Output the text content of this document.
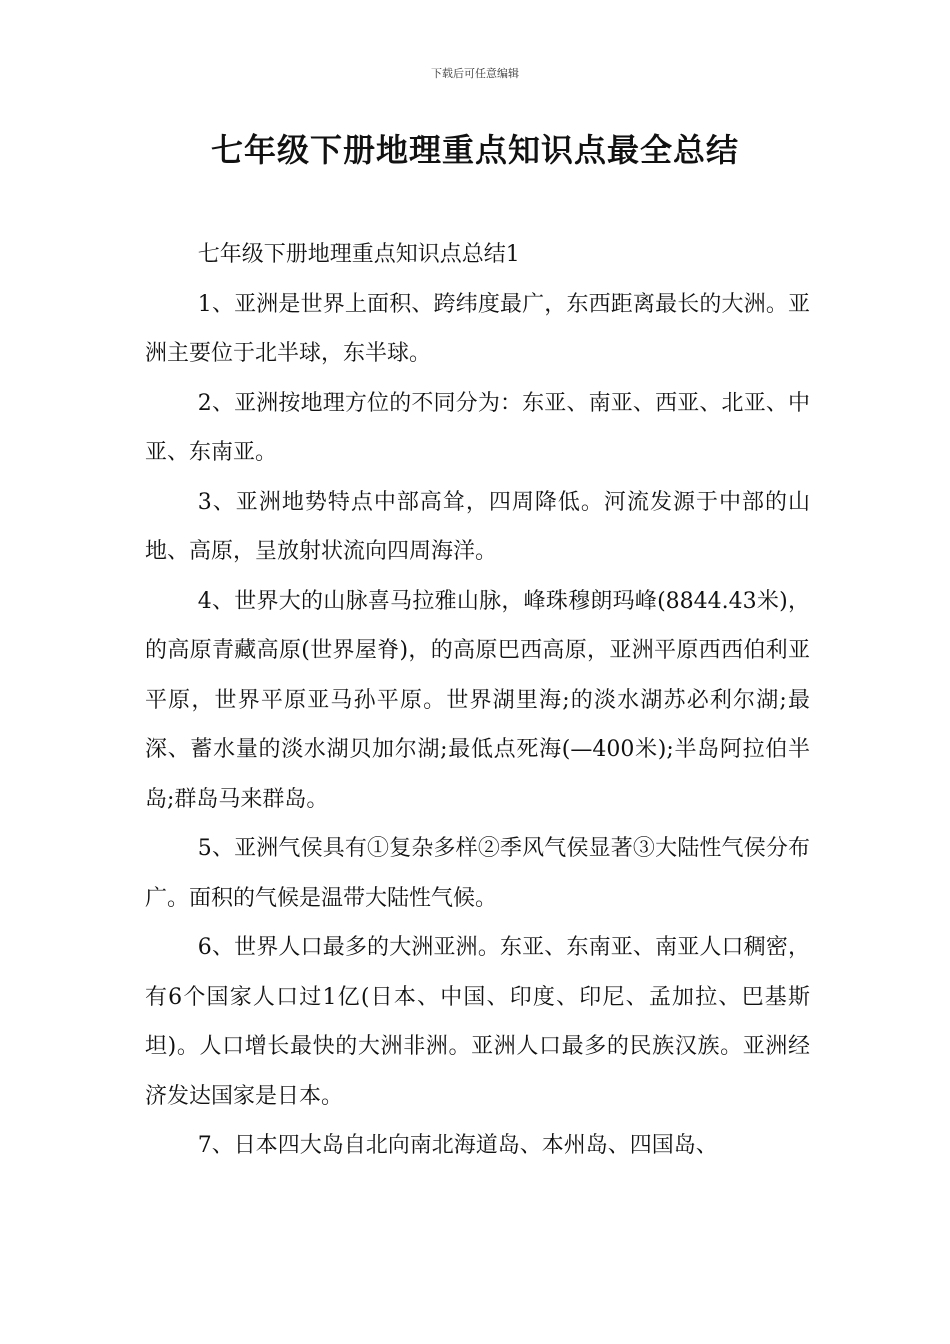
下载后可任意编辑
七年级下册地理重点知识点最全总结

七年级下册地理重点知识点总结1

1、亚洲是世界上面积、跨纬度最广，东西距离最长的大洲。亚洲主要位于北半球，东半球。

2、亚洲按地理方位的不同分为：东亚、南亚、西亚、北亚、中亚、东南亚。

3、亚洲地势特点中部高耸，四周降低。河流发源于中部的山地、高原，呈放射状流向四周海洋。

4、世界大的山脉喜马拉雅山脉，峰珠穆朗玛峰(8844.43米)，的高原青藏高原(世界屋脊)，的高原巴西高原，亚洲平原西西伯利亚平原，世界平原亚马孙平原。世界湖里海;的淡水湖苏必利尔湖;最深、蓄水量的淡水湖贝加尔湖;最低点死海(—400米);半岛阿拉伯半岛;群岛马来群岛。

5、亚洲气侯具有①复杂多样②季风气侯显著③大陆性气侯分布广。面积的气候是温带大陆性气候。

6、世界人口最多的大洲亚洲。东亚、东南亚、南亚人口稠密，有6个国家人口过1亿(日本、中国、印度、印尼、孟加拉、巴基斯坦)。人口增长最快的大洲非洲。亚洲人口最多的民族汉族。亚洲经济发达国家是日本。

7、日本四大岛自北向南北海道岛、本州岛、四国岛、
